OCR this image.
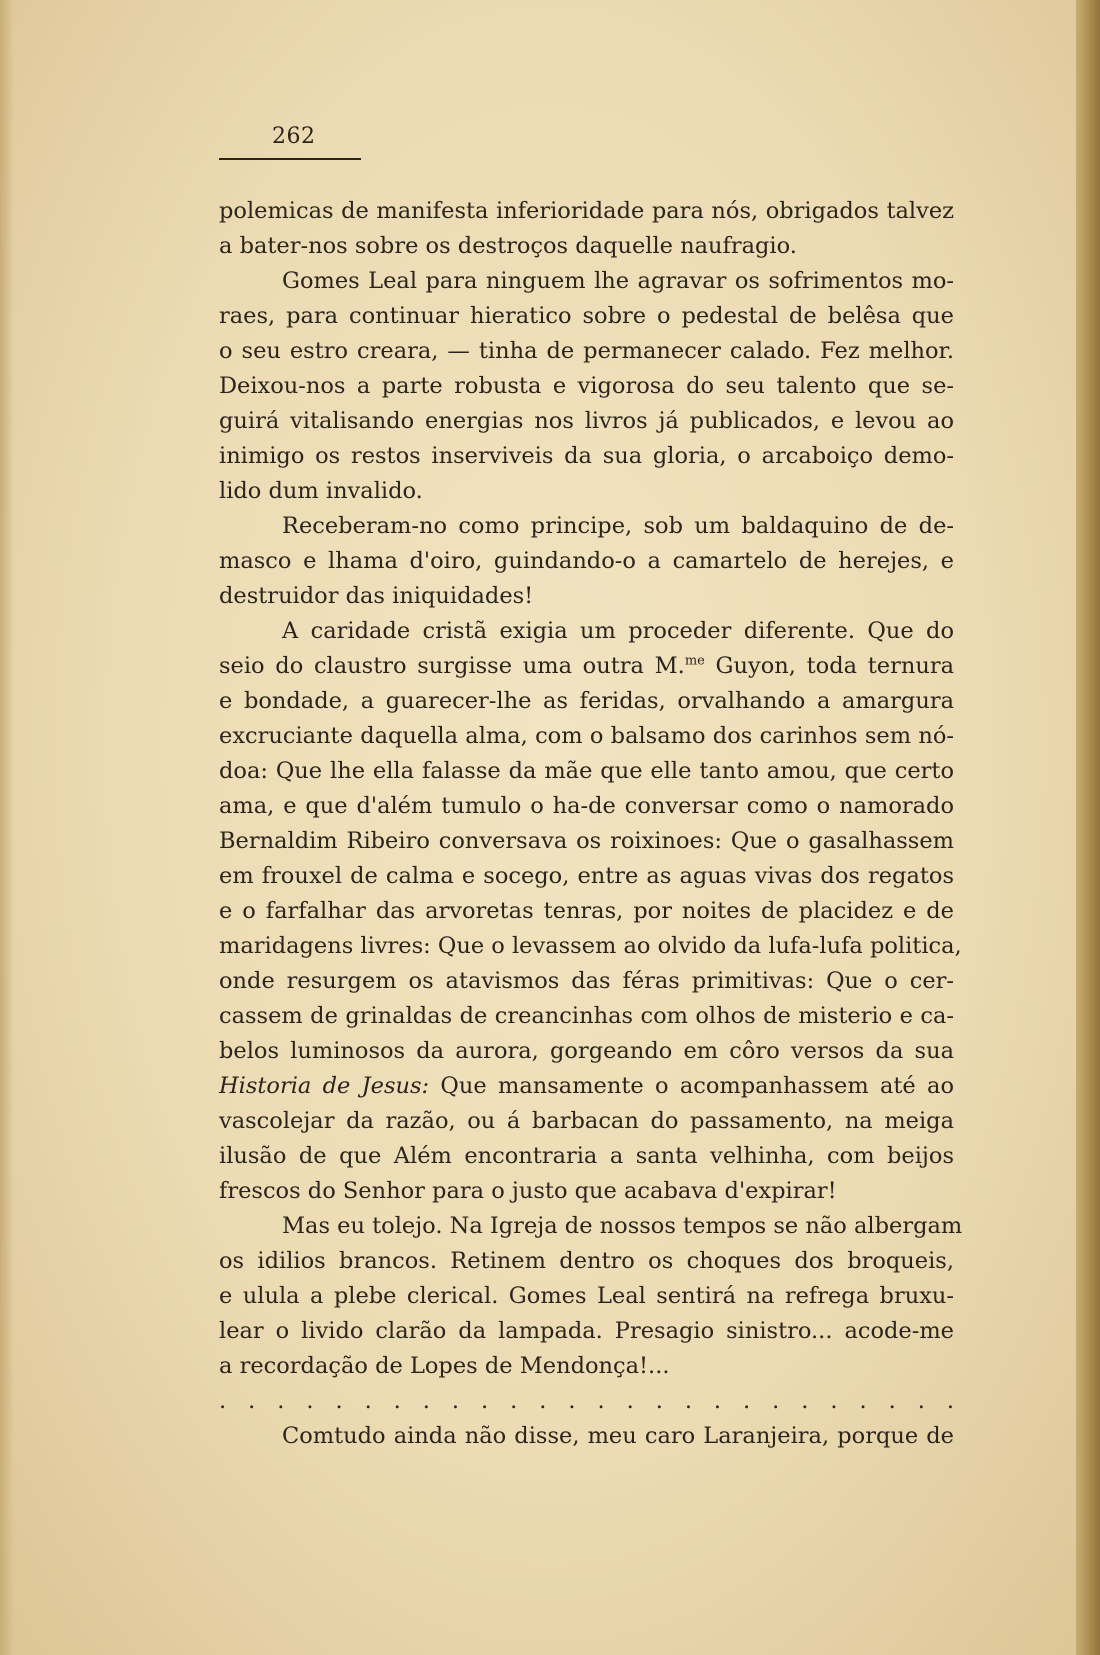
262
polemicas de manifesta inferioridade para nós, obrigados talvez
a bater-nos sobre os destroços daquelle naufragio.
Gomes Leal para ninguem lhe agravar os sofrimentos mo-
raes, para continuar hieratico sobre o pedestal de belêsa que
o seu estro creara, — tinha de permanecer calado. Fez melhor.
Deixou-nos a parte robusta e vigorosa do seu talento que se-
guirá vitalisando energias nos livros já publicados, e levou ao
inimigo os restos inserviveis da sua gloria, o arcaboiço demo-
lido dum invalido.
Receberam-no como principe, sob um baldaquino de de-
masco e lhama d'oiro, guindando-o a camartelo de herejes, e
destruidor das iniquidades!
A caridade cristã exigia um proceder diferente. Que do
seio do claustro surgisse uma outra M.$^{me}$ Guyon, toda ternura
e bondade, a guarecer-lhe as feridas, orvalhando a amargura
excruciante daquella alma, com o balsamo dos carinhos sem nó-
doa: Que lhe ella falasse da mãe que elle tanto amou, que certo
ama, e que d'além tumulo o ha-de conversar como o namorado
Bernaldim Ribeiro conversava os roixinoes: Que o gasalhassem
em frouxel de calma e socego, entre as aguas vivas dos regatos
e o farfalhar das arvoretas tenras, por noites de placidez e de
maridagens livres: Que o levassem ao olvido da lufa-lufa politica,
onde resurgem os atavismos das féras primitivas: Que o cer-
cassem de grinaldas de creancinhas com olhos de misterio e ca-
belos luminosos da aurora, gorgeando em côro versos da sua
Historia de Jesus: Que mansamente o acompanhassem até ao
vascolejar da razão, ou á barbacan do passamento, na meiga
ilusão de que Além encontraria a santa velhinha, com beijos
frescos do Senhor para o justo que acabava d'expirar!
Mas eu tolejo. Na Igreja de nossos tempos se não albergam
os idilios brancos. Retinem dentro os choques dos broqueis,
e ulula a plebe clerical. Gomes Leal sentirá na refrega bruxu-
lear o livido clarão da lampada. Presagio sinistro... acode-me
a recordação de Lopes de Mendonça!...
. . . . . . . . . . . . . . . . . . . . . . . . . .
Comtudo ainda não disse, meu caro Laranjeira, porque de
